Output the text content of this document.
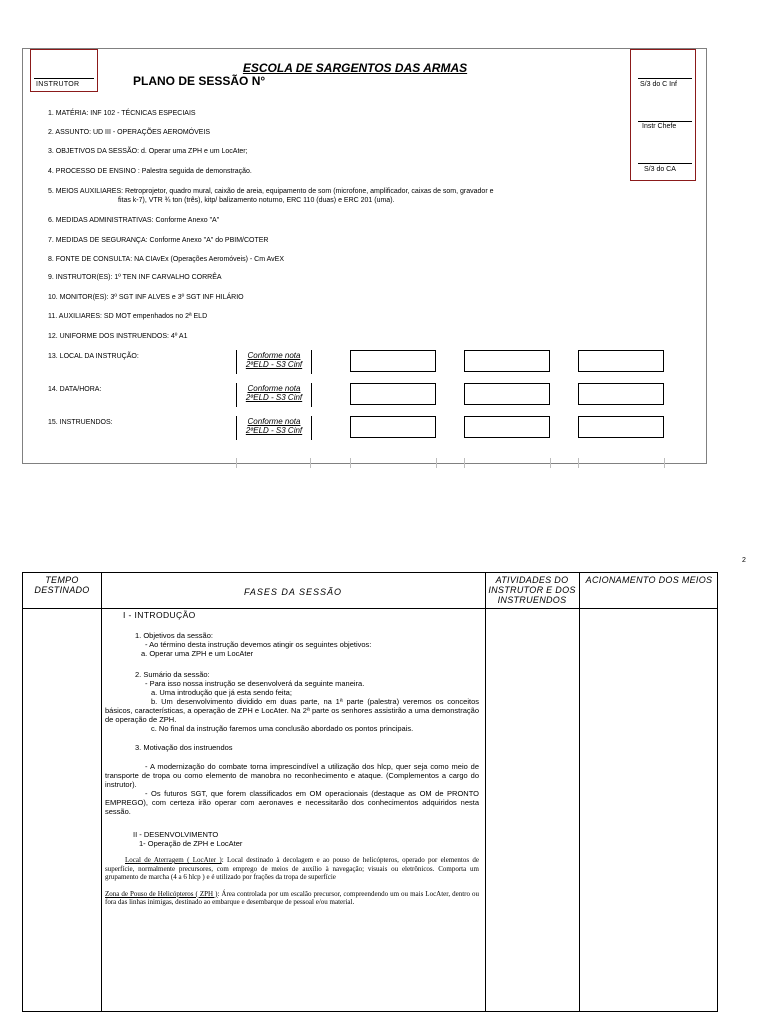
INSTRUTOR
ESCOLA DE SARGENTOS DAS ARMAS
PLANO DE SESSÃO N°	S/3 do C Inf
Instr Chefe
S/3 do CA
1. MATÉRIA: INF 102 - TÉCNICAS ESPECIAIS
2. ASSUNTO: UD III - OPERAÇÕES AEROMÓVEIS
3. OBJETIVOS DA SESSÃO: d. Operar uma ZPH e um LocAter;
4. PROCESSO DE ENSINO : Palestra seguida de demonstração.
5. MEIOS AUXILIARES: Retroprojetor, quadro mural, caixão de areia, equipamento de som (microfone, amplificador, caixas de som, gravador e
fitas k-7), VTR ¾ ton (três), kitp/ balizamento noturno, ERC 110 (duas) e ERC 201 (uma).
6. MEDIDAS ADMINISTRATIVAS: Conforme Anexo "A"
7. MEDIDAS DE SEGURANÇA: Conforme Anexo "A" do PBIM/COTER
8. FONTE DE CONSULTA: NA CIAvEx (Operações Aeromóveis) - Cm AvEX
9. INSTRUTOR(ES): 1º TEN INF CARVALHO CORRÊA
10. MONITOR(ES): 3º SGT INF ALVES e 3º SGT INF HILÁRIO
11. AUXILIARES: SD MOT empenhados no 2ª ELD
12. UNIFORME DOS INSTRUENDOS: 4º A1
13. LOCAL DA INSTRUÇÃO:
14. DATA/HORA:
15. INSTRUENDOS:
Conforme nota
2ªELD - S3 Cinf
Conforme nota
2ªELD - S3 Cinf
Conforme nota
2ªELD - S3 Cinf
2
TEMPO DESTINADO	FASES DA SESSÃO
ATIVIDADES DO INSTRUTOR E DOS INSTRUENDOS
ACIONAMENTO DOS MEIOS
I - INTRODUÇÃO
1. Objetivos da sessão:
- Ao término desta instrução devemos atingir os seguintes objetivos:
a. Operar uma ZPH e um LocAter
2. Sumário da sessão:
- Para isso nossa instrução se desenvolverá da seguinte maneira.
a. Uma introdução que já esta sendo feita;

b. Um desenvolvimento dividido em duas parte, na 1ª parte (palestra) veremos os conceitos básicos, características, a operação de ZPH e LocAter. Na 2ª parte os senhores assistirão a uma demonstração de operação de ZPH.

c. No final da instrução faremos uma conclusão abordado os pontos principais.
3. Motivação dos instruendos

- A modernização do combate torna imprescindível a utilização dos hlcp, quer seja como meio de transporte de tropa ou como elemento de manobra no reconhecimento e ataque. (Complementos a cargo do instrutor).

- Os futuros SGT, que forem classificados em OM operacionais (destaque as OM de PRONTO EMPREGO), com certeza irão operar com aeronaves e necessitarão dos conhecimentos adquiridos nesta sessão.

II - DESENVOLVIMENTO
1- Operação de ZPH e LocAter

Local de Aterragem ( LocAter ): Local destinado à decolagem e ao pouso de helicópteros, operado por elementos de superfície, normalmente precursores, com emprego de meios de auxílio à navegação; visuais ou eletrônicos. Comporta um grupamento de marcha (4 a 6 hlcp ) e é utilizado por frações da tropa de superfície

Zona de Pouso de Helicópteros ( ZPH ): Área controlada por um escalão precursor, compreendendo um ou mais LocAter, dentro ou fora das linhas inimigas, destinado ao embarque e desembarque de pessoal e/ou material.
